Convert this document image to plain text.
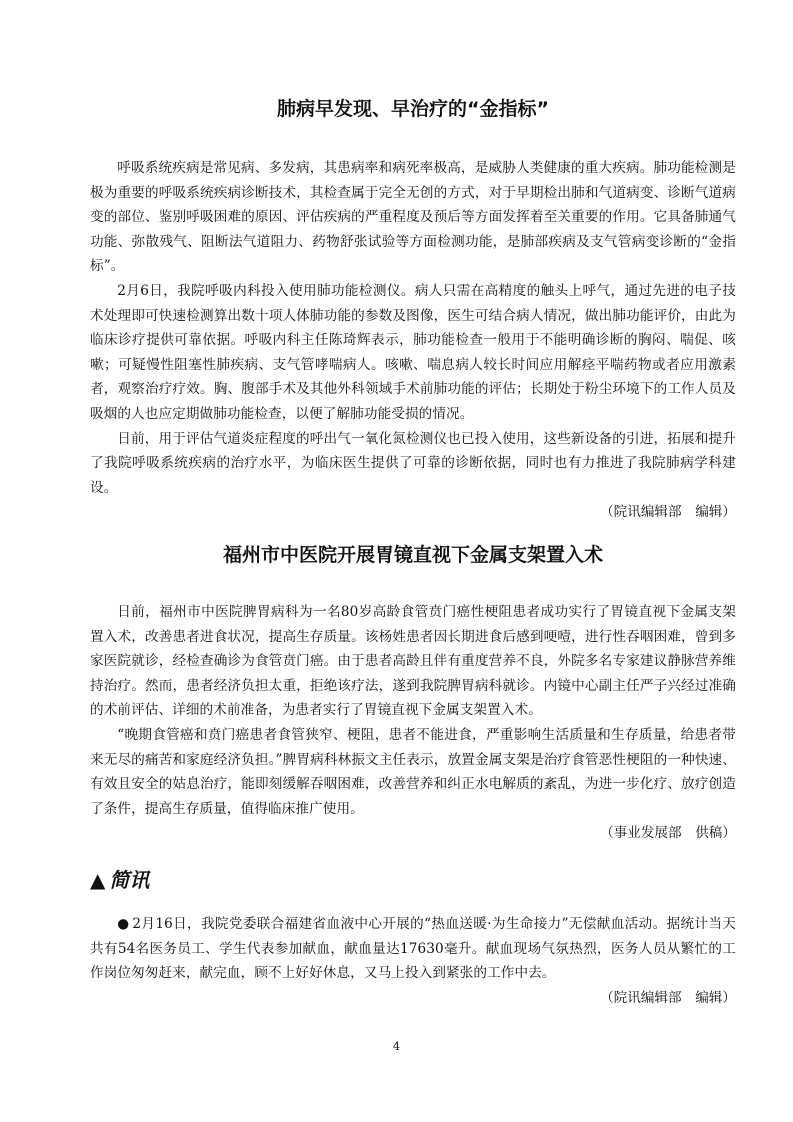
肺病早发现、早治疗的“金指标”

呼吸系统疾病是常见病、多发病，其患病率和病死率极高，是威胁人类健康的重大疾病。肺功能检测是极为重要的呼吸系统疾病诊断技术，其检查属于完全无创的方式，对于早期检出肺和气道病变、诊断气道病变的部位、鉴别呼吸困难的原因、评估疾病的严重程度及预后等方面发挥着至关重要的作用。它具备肺通气功能、弥散残气、阻断法气道阻力、药物舒张试验等方面检测功能，是肺部疾病及支气管病变诊断的“金指标”。

2月6日，我院呼吸内科投入使用肺功能检测仪。病人只需在高精度的触头上呼气，通过先进的电子技术处理即可快速检测算出数十项人体肺功能的参数及图像，医生可结合病人情况，做出肺功能评价，由此为临床诊疗提供可靠依据。呼吸内科主任陈琦辉表示，肺功能检查一般用于不能明确诊断的胸闷、喘促、咳嗽；可疑慢性阻塞性肺疾病、支气管哮喘病人。咳嗽、喘息病人较长时间应用解痉平喘药物或者应用激素者，观察治疗疗效。胸、腹部手术及其他外科领域手术前肺功能的评估；长期处于粉尘环境下的工作人员及吸烟的人也应定期做肺功能检查，以便了解肺功能受损的情况。

日前，用于评估气道炎症程度的呼出气一氧化氮检测仪也已投入使用，这些新设备的引进，拓展和提升了我院呼吸系统疾病的治疗水平，为临床医生提供了可靠的诊断依据，同时也有力推进了我院肺病学科建设。

（院讯编辑部　编辑）

福州市中医院开展胃镜直视下金属支架置入术

日前，福州市中医院脾胃病科为一名80岁高龄食管贲门癌性梗阻患者成功实行了胃镜直视下金属支架置入术，改善患者进食状况，提高生存质量。该杨姓患者因长期进食后感到哽噎，进行性吞咽困难，曾到多家医院就诊，经检查确诊为食管贲门癌。由于患者高龄且伴有重度营养不良，外院多名专家建议静脉营养维持治疗。然而，患者经济负担太重，拒绝该疗法，遂到我院脾胃病科就诊。内镜中心副主任严子兴经过准确的术前评估、详细的术前准备，为患者实行了胃镜直视下金属支架置入术。

“晚期食管癌和贲门癌患者食管狭窄、梗阻，患者不能进食，严重影响生活质量和生存质量，给患者带来无尽的痛苦和家庭经济负担。”脾胃病科林振文主任表示，放置金属支架是治疗食管恶性梗阻的一种快速、有效且安全的姑息治疗，能即刻缓解吞咽困难，改善营养和纠正水电解质的紊乱，为进一步化疗、放疗创造了条件，提高生存质量，值得临床推广使用。

（事业发展部　供稿）

▲ 简讯

● 2月16日，我院党委联合福建省血液中心开展的“热血送暖·为生命接力”无偿献血活动。据统计当天共有54名医务员工、学生代表参加献血，献血量达17630毫升。献血现场气氛热烈，医务人员从繁忙的工作岗位匆匆赶来，献完血，顾不上好好休息，又马上投入到紧张的工作中去。

（院讯编辑部　编辑）

4
